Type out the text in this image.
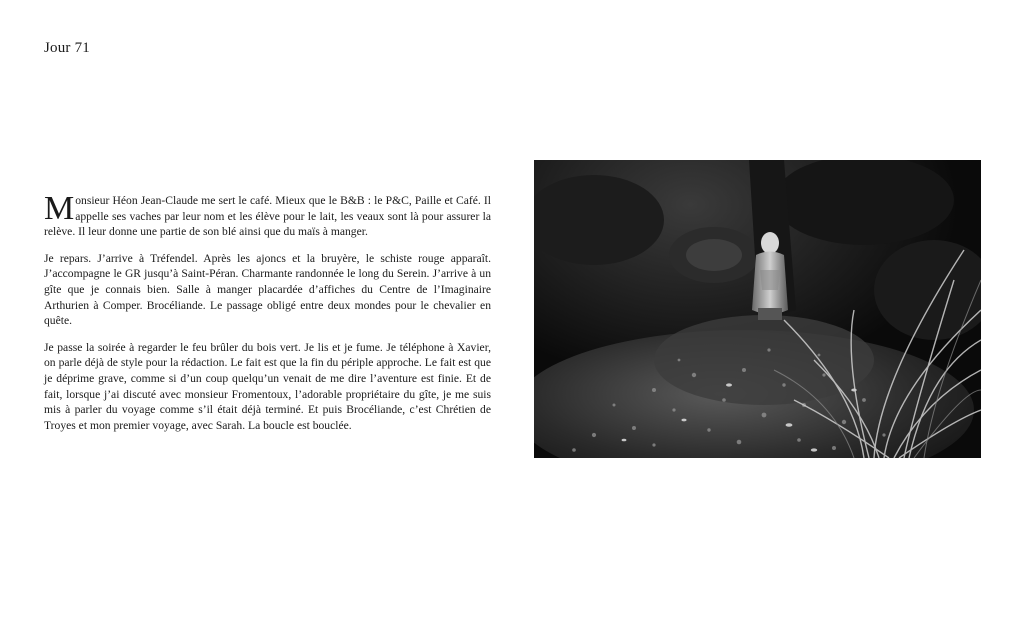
Jour 71

Monsieur Héon Jean-Claude me sert le café. Mieux que le B&B : le P&C, Paille et Café. Il appelle ses vaches par leur nom et les élève pour le lait, les veaux sont là pour assurer la relève. Il leur donne une partie de son blé ainsi que du maïs à manger.

Je repars. J’arrive à Tréfendel. Après les ajoncs et la bruyère, le schiste rouge apparaît. J’accompagne le GR jusqu’à Saint-Péran. Charmante randonnée le long du Serein. J’arrive à un gîte que je connais bien. Salle à manger placardée d’affiches du Centre de l’Imaginaire Arthurien à Comper. Brocéliande. Le passage obligé entre deux mondes pour le chevalier en quête.

Je passe la soirée à regarder le feu brûler du bois vert. Je lis et je fume. Je téléphone à Xavier, on parle déjà de style pour la rédaction. Le fait est que la fin du périple approche. Le fait est que je déprime grave, comme si d’un coup quelqu’un venait de me dire l’aventure est finie. Et de fait, lorsque j’ai discuté avec monsieur Fromentoux, l’adorable propriétaire du gîte, je me suis mis à parler du voyage comme s’il était déjà terminé. Et puis Brocéliande, c’est Chrétien de Troyes et mon premier voyage, avec Sarah. La boucle est bouclée.
